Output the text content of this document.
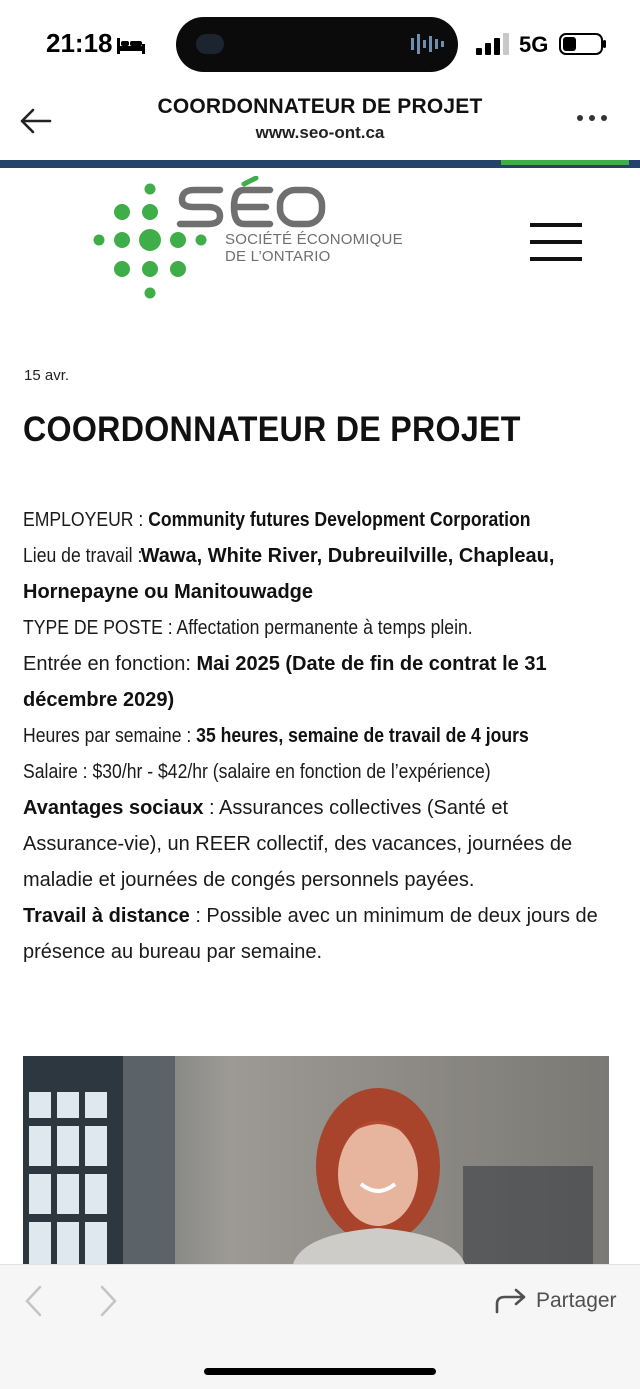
21:18	5G
COORDONNATEUR DE PROJET
www.seo-ont.ca
SOCIÉTÉ ÉCONOMIQUE
DE L’ONTARIO
15 avr.
COORDONNATEUR DE PROJET

EMPLOYEUR : Community futures Development Corporation

Lieu de travail :Wawa, White River, Dubreuilville, Chapleau, Hornepayne ou Manitouwadge

TYPE DE POSTE : Affectation permanente à temps plein.

Entrée en fonction: Mai 2025 (Date de fin de contrat le 31 décembre 2029)

Heures par semaine : 35 heures, semaine de travail de 4 jours

Salaire : $30/hr - $42/hr (salaire en fonction de l’expérience)

Avantages sociaux : Assurances collectives (Santé et Assurance-vie), un REER collectif, des vacances, journées de maladie et journées de congés personnels payées.

Travail à distance : Possible avec un minimum de deux jours de présence au bureau par semaine.

Partager
